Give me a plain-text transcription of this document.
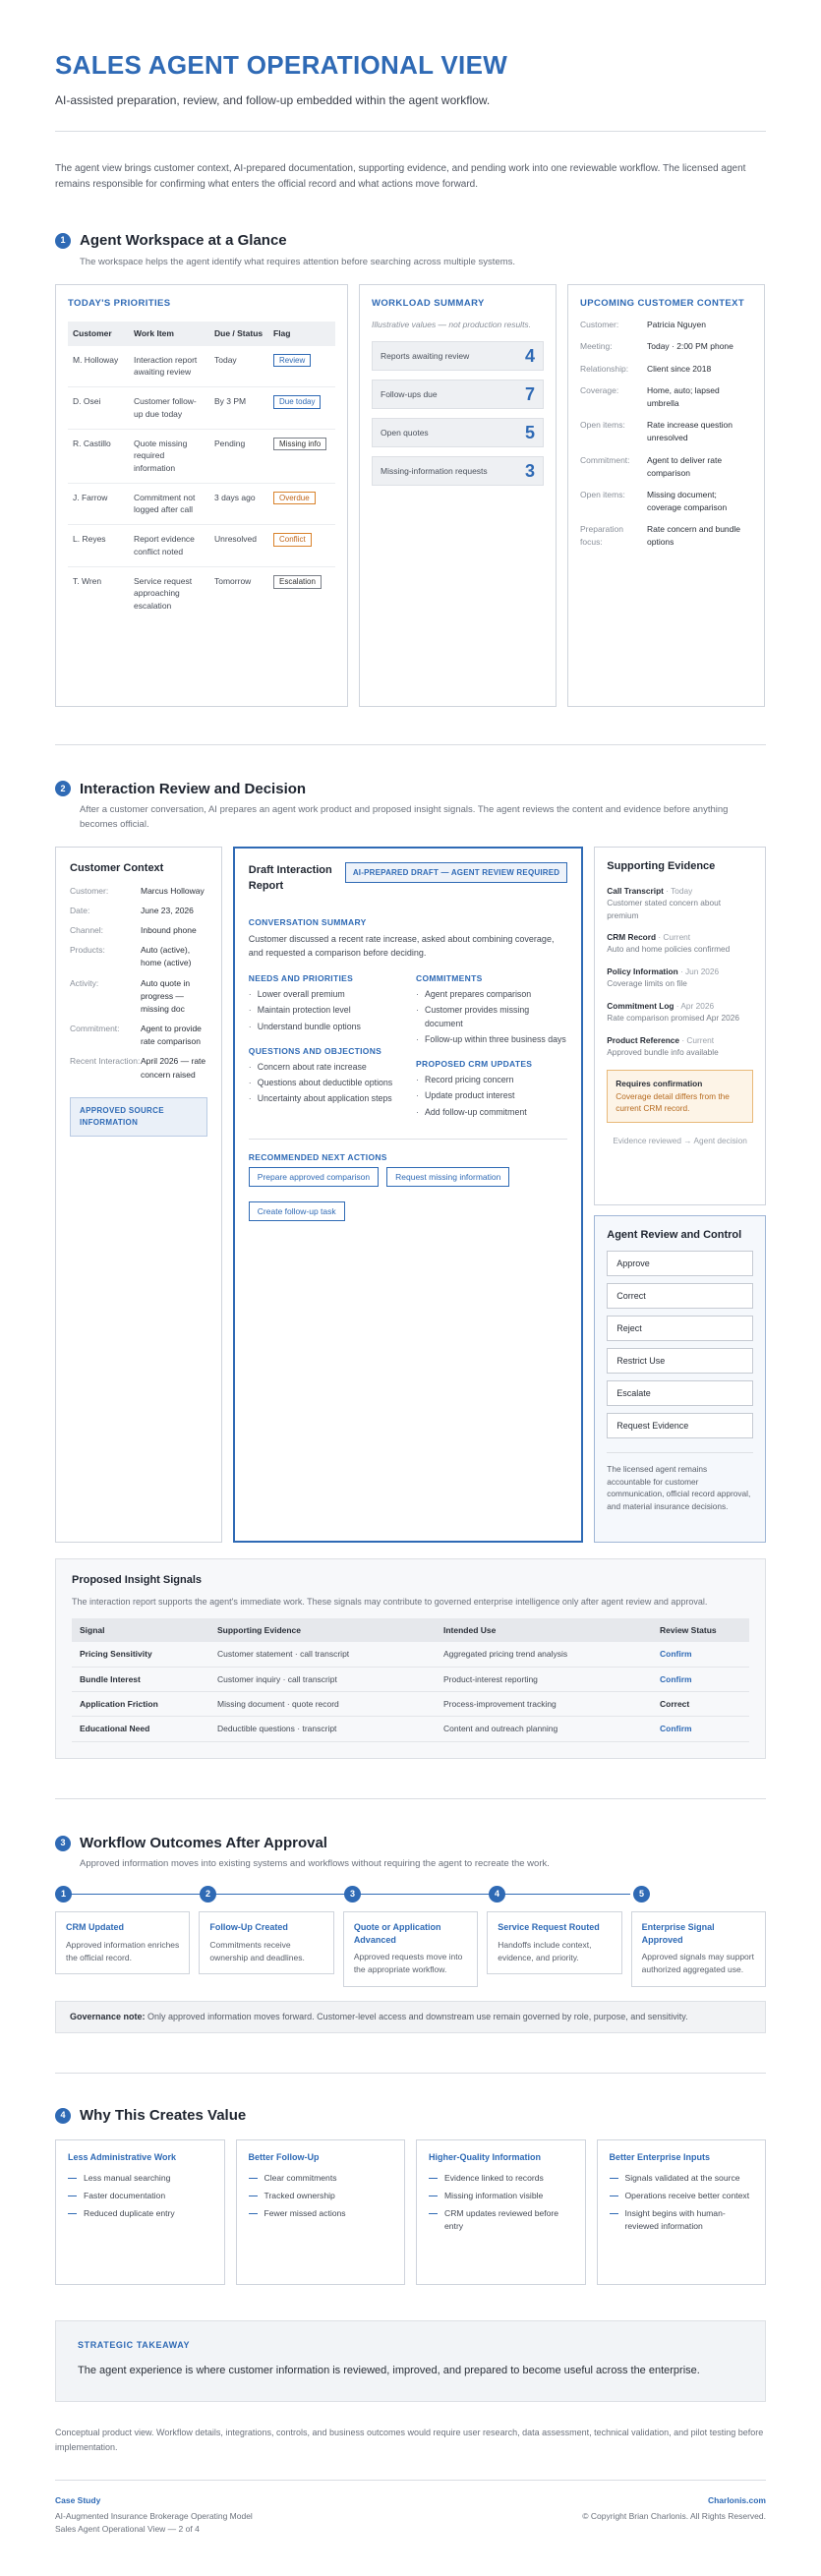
SALES AGENT OPERATIONAL VIEW
AI-assisted preparation, review, and follow-up embedded within the agent workflow.

The agent view brings customer context, AI-prepared documentation, supporting evidence, and pending work into one reviewable workflow. The licensed agent remains responsible for confirming what enters the official record and what actions move forward.

1 Agent Workspace at a Glance
The workspace helps the agent identify what requires attention before searching across multiple systems.
TODAY'S PRIORITIES
Customer	Work Item	Due / Status	Flag
M. Holloway	Interaction report awaiting review	Today	Review
D. Osei	Customer follow-up due today	By 3 PM	Due today
R. Castillo	Quote missing required information	Pending	Missing info
J. Farrow	Commitment not logged after call	3 days ago	Overdue
L. Reyes	Report evidence conflict noted	Unresolved	Conflict
T. Wren	Service request approaching escalation	Tomorrow	Escalation
WORKLOAD SUMMARY
Illustrative values — not production results.
Reports awaiting review	4
Follow-ups due	7
Open quotes	5
Missing-information requests 3
UPCOMING CUSTOMER CONTEXT
Customer:	Patricia Nguyen
Meeting:	Today · 2:00 PM phone
Relationship:	Client since 2018
Coverage:	Home, auto; lapsed umbrella
Open items:	Rate increase question unresolved
Commitment:	Agent to deliver rate comparison
Open items:	Missing document; coverage comparison
Preparation focus:
Rate concern and bundle options
2 Interaction Review and Decision
After a customer conversation, AI prepares an agent work product and proposed insight signals. The agent reviews the content and evidence before anything becomes official.
Customer Context
Customer:	Marcus Holloway
Date:	June 23, 2026
Channel:	Inbound phone
Products:	Auto (active), home (active)
Activity:	Auto quote in progress — missing doc
Commitment:	Agent to provide rate comparison
Recent Interaction: April 2026 — rate concern raised
APPROVED SOURCE INFORMATION
Draft Interaction Report
AI-PREPARED DRAFT — AGENT REVIEW REQUIRED
CONVERSATION SUMMARY
Customer discussed a recent rate increase, asked about combining coverage, and requested a comparison before deciding.
NEEDS AND PRIORITIES
· Lower overall premium
· Maintain protection level
· Understand bundle options
QUESTIONS AND OBJECTIONS
· Concern about rate increase
· Questions about deductible options
· Uncertainty about application steps
COMMITMENTS
· Agent prepares comparison
· Customer provides missing document
· Follow-up within three business days
PROPOSED CRM UPDATES
· Record pricing concern
· Update product interest
· Add follow-up commitment
RECOMMENDED NEXT ACTIONS
Prepare approved comparison	Request missing information
Create follow-up task
Supporting Evidence
Call Transcript · Today
Customer stated concern about premium
CRM Record · Current
Auto and home policies confirmed
Policy Information · Jun 2026
Coverage limits on file
Commitment Log · Apr 2026
Rate comparison promised Apr 2026
Product Reference · Current
Approved bundle info available
Requires confirmation
Coverage detail differs from the current CRM record.
Evidence reviewed → Agent decision
Agent Review and Control
Approve
Correct
Reject
Restrict Use
Escalate
Request Evidence
The licensed agent remains accountable for customer communication, official record approval, and material insurance decisions.
Proposed Insight Signals
The interaction report supports the agent's immediate work. These signals may contribute to governed enterprise intelligence only after agent review and approval.
Signal	Supporting Evidence	Intended Use	Review Status
Pricing Sensitivity	Customer statement · call transcript	Aggregated pricing trend analysis	Confirm
Bundle Interest	Customer inquiry · call transcript	Product-interest reporting	Confirm
Application Friction	Missing document · quote record	Process-improvement tracking	Correct
Educational Need	Deductible questions · transcript	Content and outreach planning	Confirm
3 Workflow Outcomes After Approval
Approved information moves into existing systems and workflows without requiring the agent to recreate the work.
1	2	3	4	5
CRM Updated
Approved information enriches the official record.
Follow-Up Created
Commitments receive ownership and deadlines.
Quote or Application Advanced
Approved requests move into the appropriate workflow.
Service Request Routed
Handoffs include context, evidence, and priority.
Enterprise Signal Approved
Approved signals may support authorized aggregated use.
Governance note: Only approved information moves forward. Customer-level access and downstream use remain governed by role, purpose, and sensitivity.
4 Why This Creates Value
Less Administrative Work
Less manual searching
Faster documentation
Reduced duplicate entry
Better Follow-Up
Clear commitments
Tracked ownership
Fewer missed actions
Higher-Quality Information
Evidence linked to records
Missing information visible
CRM updates reviewed before entry
Better Enterprise Inputs
Signals validated at the source
Operations receive better context
Insight begins with human-reviewed information
STRATEGIC TAKEAWAY
The agent experience is where customer information is reviewed, improved, and prepared to become useful across the enterprise.

Conceptual product view. Workflow details, integrations, controls, and business outcomes would require user research, data assessment, technical validation, and pilot testing before implementation.

Case Study
AI-Augmented Insurance Brokerage Operating Model
Sales Agent Operational View — 2 of 4
Charlonis.com
© Copyright Brian Charlonis. All Rights Reserved.
